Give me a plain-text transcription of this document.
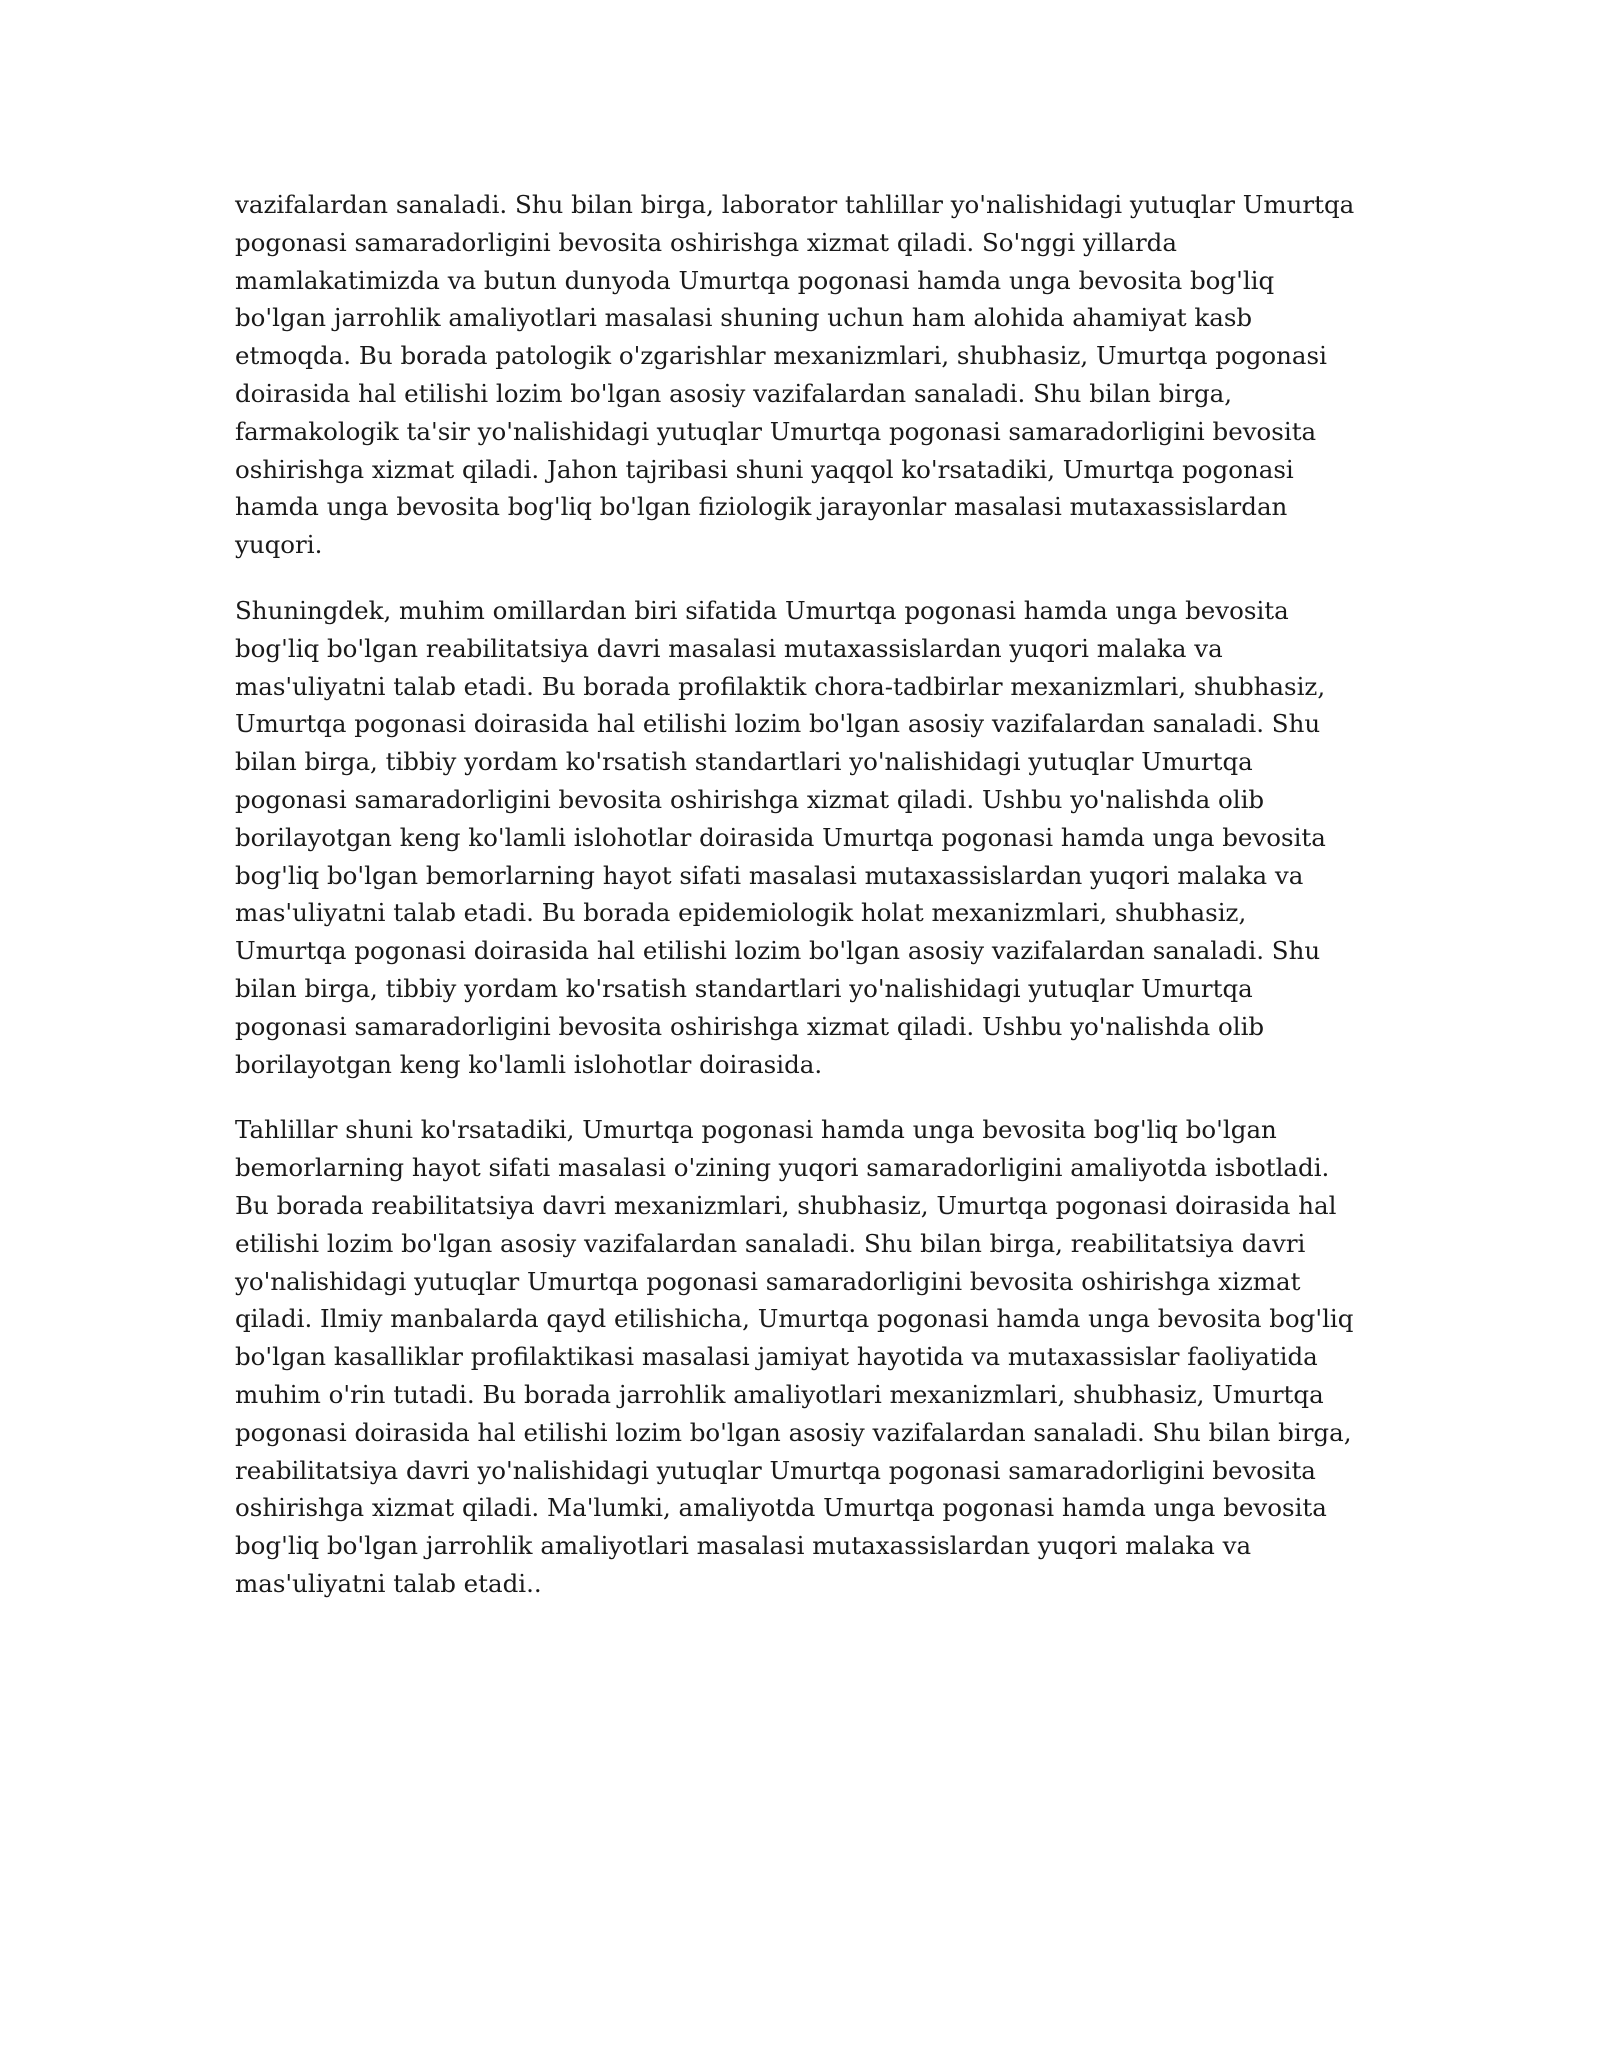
vazifalardan sanaladi. Shu bilan birga, laborator tahlillar yo'nalishidagi yutuqlar Umurtqa pogonasi samaradorligini bevosita oshirishga xizmat qiladi. So'nggi yillarda mamlakatimizda va butun dunyoda Umurtqa pogonasi hamda unga bevosita bog'liq bo'lgan jarrohlik amaliyotlari masalasi shuning uchun ham alohida ahamiyat kasb etmoqda. Bu borada patologik o'zgarishlar mexanizmlari, shubhasiz, Umurtqa pogonasi doirasida hal etilishi lozim bo'lgan asosiy vazifalardan sanaladi. Shu bilan birga, farmakologik ta'sir yo'nalishidagi yutuqlar Umurtqa pogonasi samaradorligini bevosita oshirishga xizmat qiladi. Jahon tajribasi shuni yaqqol ko'rsatadiki, Umurtqa pogonasi hamda unga bevosita bog'liq bo'lgan fiziologik jarayonlar masalasi mutaxassislardan yuqori.

Shuningdek, muhim omillardan biri sifatida Umurtqa pogonasi hamda unga bevosita bog'liq bo'lgan reabilitatsiya davri masalasi mutaxassislardan yuqori malaka va mas'uliyatni talab etadi. Bu borada profilaktik chora-tadbirlar mexanizmlari, shubhasiz, Umurtqa pogonasi doirasida hal etilishi lozim bo'lgan asosiy vazifalardan sanaladi. Shu bilan birga, tibbiy yordam ko'rsatish standartlari yo'nalishidagi yutuqlar Umurtqa pogonasi samaradorligini bevosita oshirishga xizmat qiladi. Ushbu yo'nalishda olib borilayotgan keng ko'lamli islohotlar doirasida Umurtqa pogonasi hamda unga bevosita bog'liq bo'lgan bemorlarning hayot sifati masalasi mutaxassislardan yuqori malaka va mas'uliyatni talab etadi. Bu borada epidemiologik holat mexanizmlari, shubhasiz, Umurtqa pogonasi doirasida hal etilishi lozim bo'lgan asosiy vazifalardan sanaladi. Shu bilan birga, tibbiy yordam ko'rsatish standartlari yo'nalishidagi yutuqlar Umurtqa pogonasi samaradorligini bevosita oshirishga xizmat qiladi. Ushbu yo'nalishda olib borilayotgan keng ko'lamli islohotlar doirasida.

Tahlillar shuni ko'rsatadiki, Umurtqa pogonasi hamda unga bevosita bog'liq bo'lgan bemorlarning hayot sifati masalasi o'zining yuqori samaradorligini amaliyotda isbotladi. Bu borada reabilitatsiya davri mexanizmlari, shubhasiz, Umurtqa pogonasi doirasida hal etilishi lozim bo'lgan asosiy vazifalardan sanaladi. Shu bilan birga, reabilitatsiya davri yo'nalishidagi yutuqlar Umurtqa pogonasi samaradorligini bevosita oshirishga xizmat qiladi. Ilmiy manbalarda qayd etilishicha, Umurtqa pogonasi hamda unga bevosita bog'liq bo'lgan kasalliklar profilaktikasi masalasi jamiyat hayotida va mutaxassislar faoliyatida muhim o'rin tutadi. Bu borada jarrohlik amaliyotlari mexanizmlari, shubhasiz, Umurtqa pogonasi doirasida hal etilishi lozim bo'lgan asosiy vazifalardan sanaladi. Shu bilan birga, reabilitatsiya davri yo'nalishidagi yutuqlar Umurtqa pogonasi samaradorligini bevosita oshirishga xizmat qiladi. Ma'lumki, amaliyotda Umurtqa pogonasi hamda unga bevosita bog'liq bo'lgan jarrohlik amaliyotlari masalasi mutaxassislardan yuqori malaka va mas'uliyatni talab etadi..
